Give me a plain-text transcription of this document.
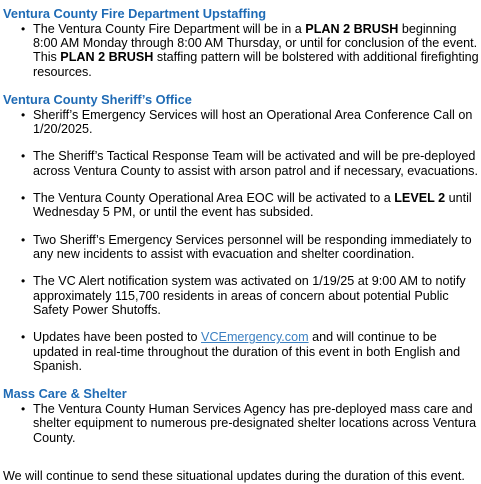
Ventura County Fire Department Upstaffing

• The Ventura County Fire Department will be in a PLAN 2 BRUSH beginning 8:00 AM Monday through 8:00 AM Thursday, or until for conclusion of the event. This PLAN 2 BRUSH staffing pattern will be bolstered with additional firefighting resources.

Ventura County Sheriff’s Office

• Sheriff’s Emergency Services will host an Operational Area Conference Call on 1/20/2025.
• The Sheriff’s Tactical Response Team will be activated and will be pre-deployed across Ventura County to assist with arson patrol and if necessary, evacuations.
• The Ventura County Operational Area EOC will be activated to a LEVEL 2 until Wednesday 5 PM, or until the event has subsided.
• Two Sheriff’s Emergency Services personnel will be responding immediately to any new incidents to assist with evacuation and shelter coordination.
• The VC Alert notification system was activated on 1/19/25 at 9:00 AM to notify approximately 115,700 residents in areas of concern about potential Public Safety Power Shutoffs.
• Updates have been posted to VCEmergency.com and will continue to be updated in real-time throughout the duration of this event in both English and Spanish.

Mass Care & Shelter

• The Ventura County Human Services Agency has pre-deployed mass care and shelter equipment to numerous pre-designated shelter locations across Ventura County.

We will continue to send these situational updates during the duration of this event.
